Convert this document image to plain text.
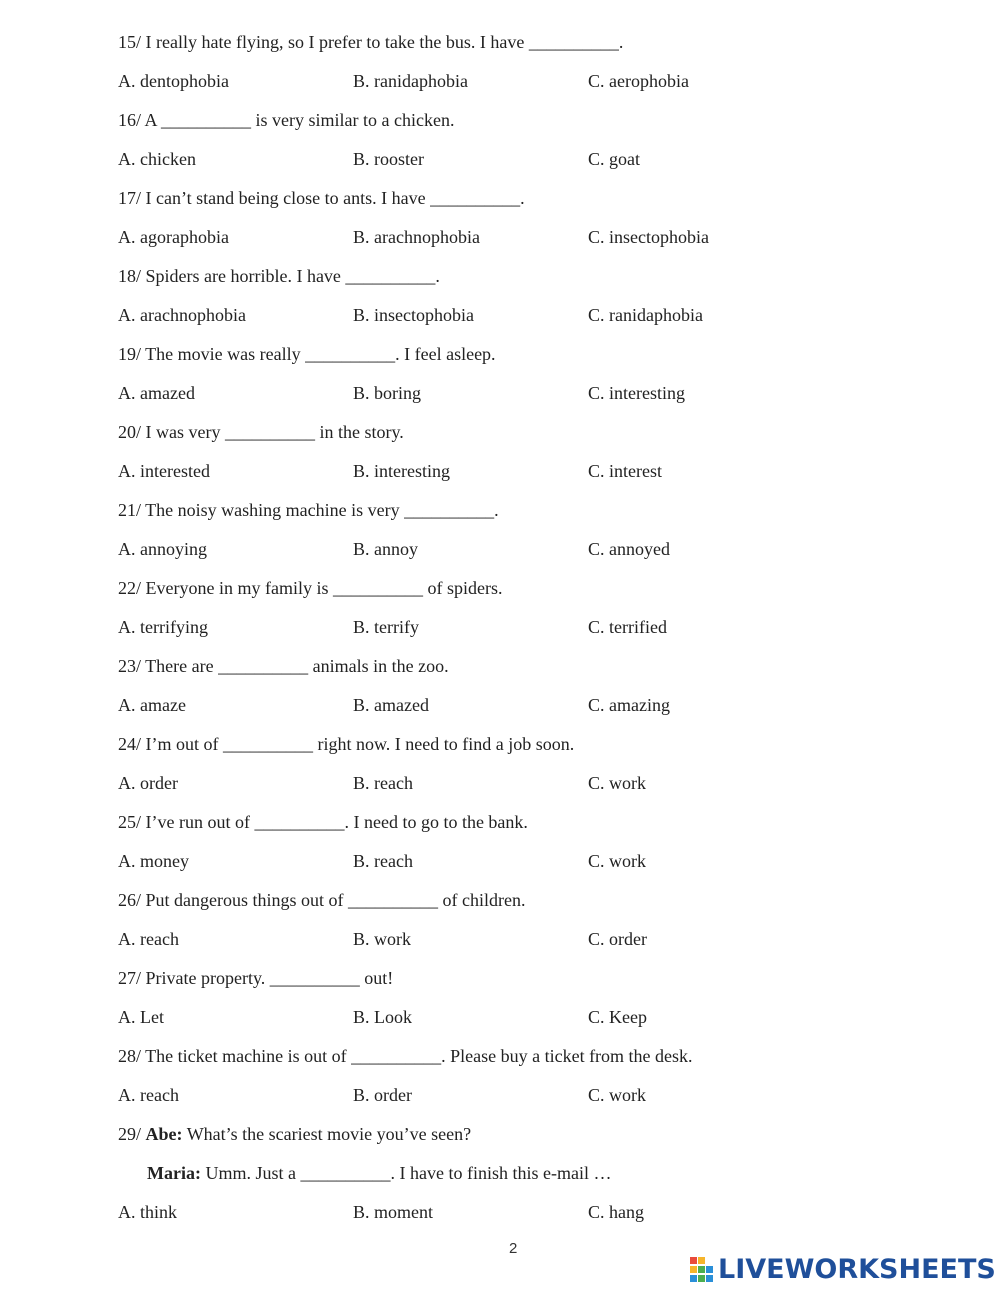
15/ I really hate flying, so I prefer to take the bus. I have __________.
A. dentophobia	B. ranidaphobia	C. aerophobia
16/ A __________ is very similar to a chicken.
A. chicken	B. rooster	C. goat
17/ I can’t stand being close to ants. I have __________.
A. agoraphobia	B. arachnophobia	C. insectophobia
18/ Spiders are horrible. I have __________.
A. arachnophobia	B. insectophobia	C. ranidaphobia
19/ The movie was really __________. I feel asleep.
A. amazed	B. boring	C. interesting
20/ I was very __________ in the story.
A. interested	B. interesting	C. interest
21/ The noisy washing machine is very __________.
A. annoying	B. annoy	C. annoyed
22/ Everyone in my family is __________ of spiders.
A. terrifying	B. terrify	C. terrified
23/ There are __________ animals in the zoo.
A. amaze	B. amazed	C. amazing
24/ I’m out of __________ right now. I need to find a job soon.
A. order	B. reach	C. work
25/ I’ve run out of __________. I need to go to the bank.
A. money	B. reach	C. work
26/ Put dangerous things out of __________ of children.
A. reach	B. work	C. order
27/ Private property. __________ out!
A. Let	B. Look	C. Keep
28/ The ticket machine is out of __________. Please buy a ticket from the desk.
A. reach	B. order	C. work
29/ Abe: What’s the scariest movie you’ve seen?
Maria: Umm. Just a __________. I have to finish this e-mail …
A. think	B. moment	C. hang
2
LIVEWORKSHEETS
